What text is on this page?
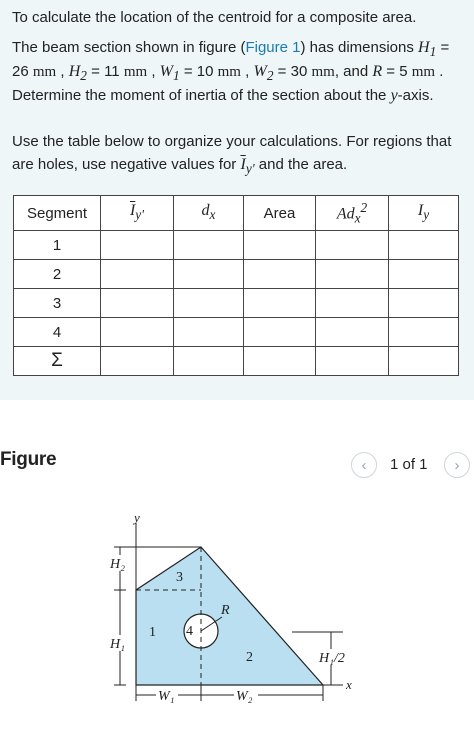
To calculate the location of the centroid for a composite area.
The beam section shown in figure (Figure 1) has dimensions $H_1 = 26$ mm , $H_2 = 11$ mm , $W_1 = 10$ mm , $W_2 = 30$ mm, and R = 5 mm . Determine the moment of inertia of the section about the y-axis.
Use the table below to organize your calculations. For regions that are holes, use negative values for $\overline{I}_{y'}$ and the area.
Segment	$\overline{I}_{y'}$	$d_x$	Area	$Ad_x^2$	$I_y$
1					
2					
3					
4					
Σ					
Figure	‹ 1 of 1 ›
y
x
H₂
H₁
H₁/2
W₁	W₂
3
1 4
2
R
